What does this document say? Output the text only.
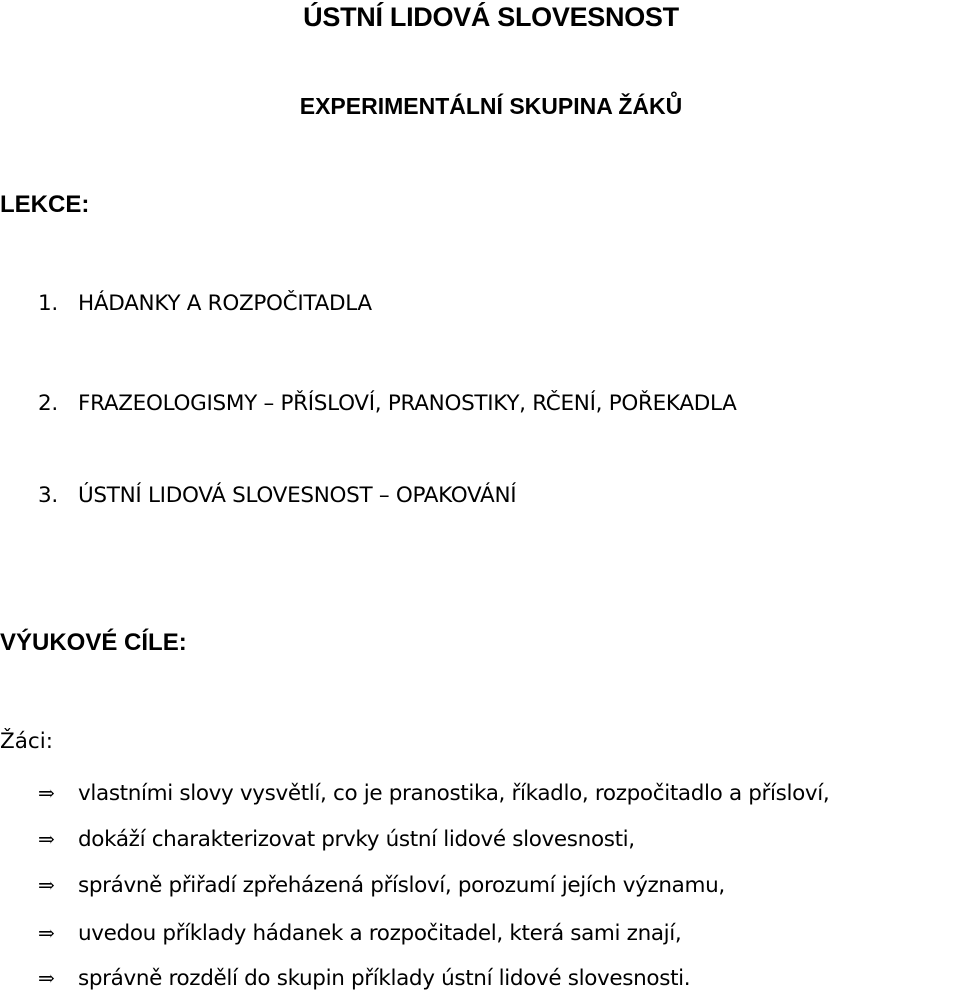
ÚSTNÍ LIDOVÁ SLOVESNOST
EXPERIMENTÁLNÍ SKUPINA ŽÁKŮ
LEKCE:
1. HÁDANKY A ROZPOČITADLA
2. FRAZEOLOGISMY – PŘÍSLOVÍ, PRANOSTIKY, RČENÍ, POŘEKADLA
3. ÚSTNÍ LIDOVÁ SLOVESNOST – OPAKOVÁNÍ
VÝUKOVÉ CÍLE:
Žáci:
⇒ vlastními slovy vysvětlí, co je pranostika, říkadlo, rozpočitadlo a přísloví,
⇒ dokáží charakterizovat prvky ústní lidové slovesnosti,
⇒ správně přiřadí zpřeházená přísloví, porozumí jejích významu,
⇒ uvedou příklady hádanek a rozpočitadel, která sami znají,
⇒ správně rozdělí do skupin příklady ústní lidové slovesnosti.
